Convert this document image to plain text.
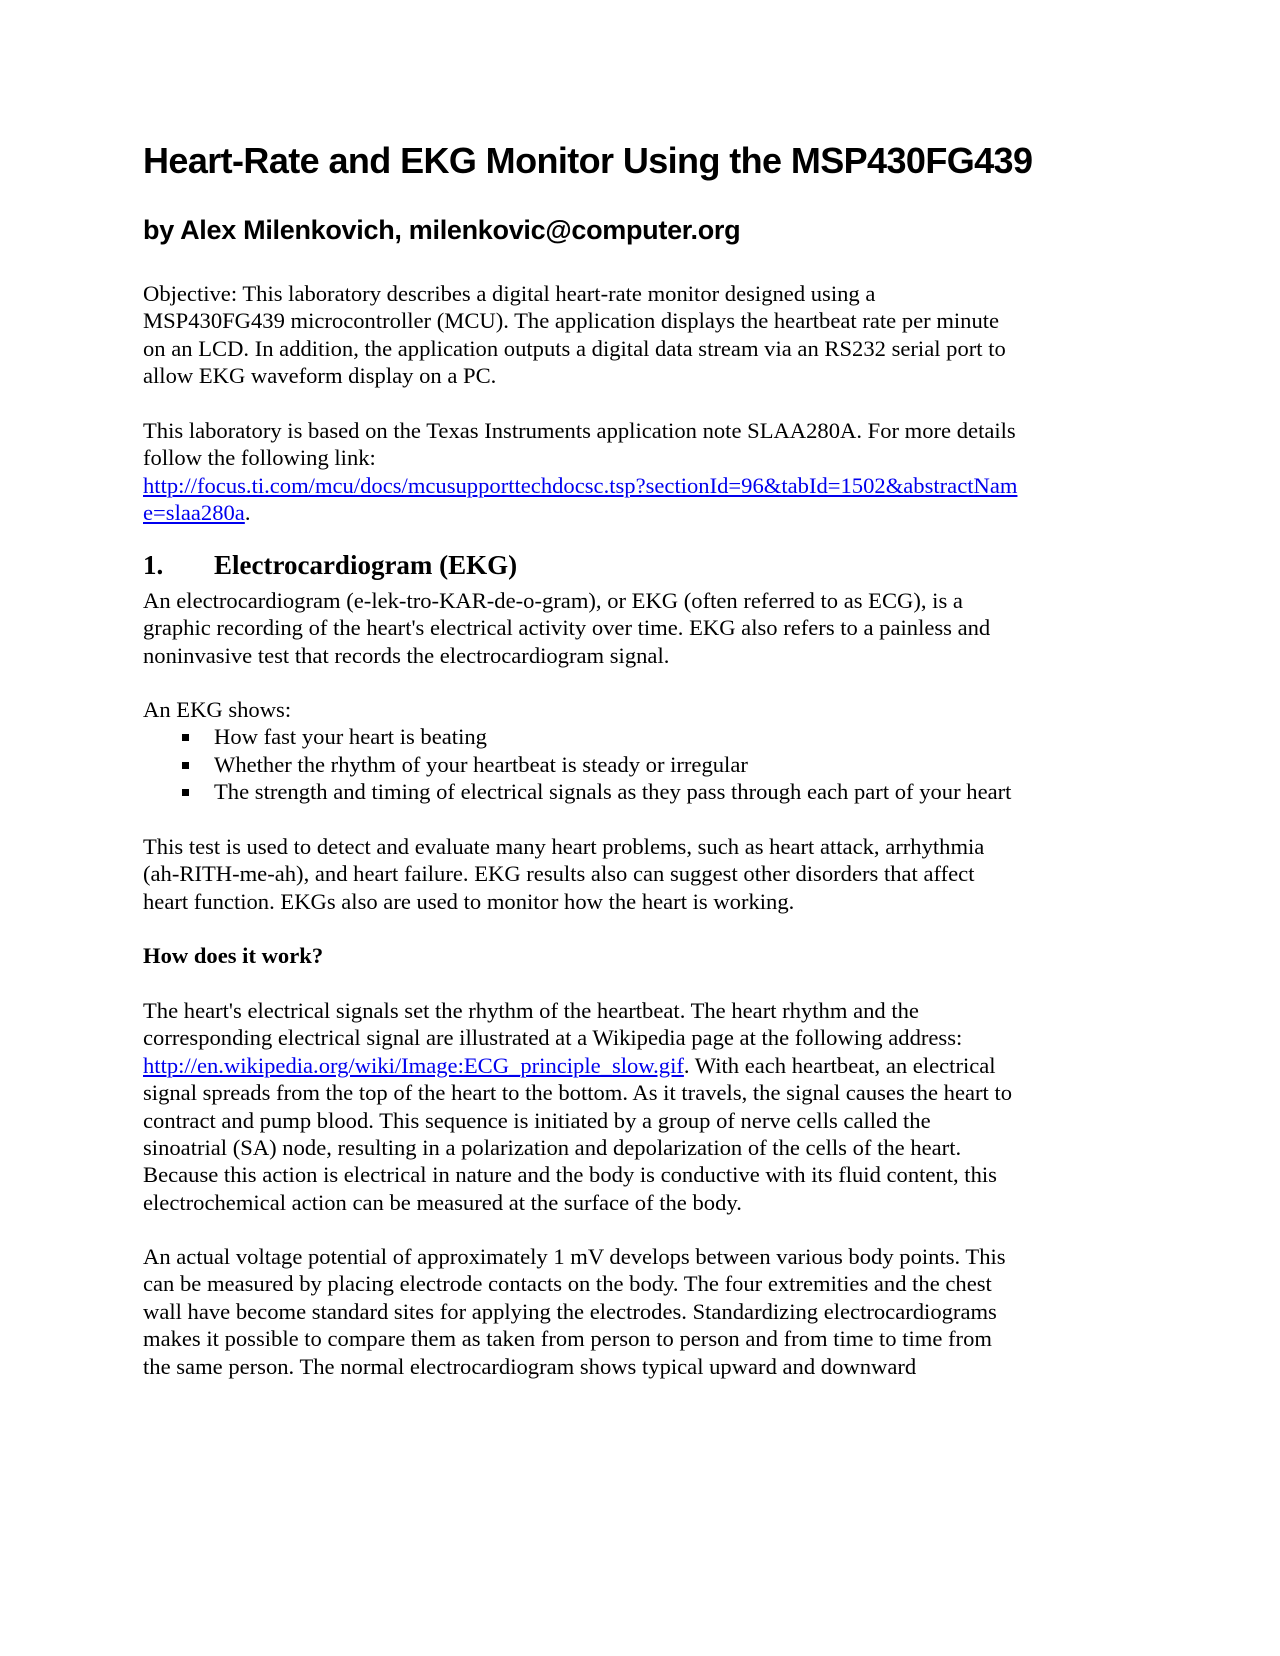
Heart-Rate and EKG Monitor Using the MSP430FG439
by Alex Milenkovich, milenkovic@computer.org
Objective: This laboratory describes a digital heart-rate monitor designed using a
MSP430FG439 microcontroller (MCU). The application displays the heartbeat rate per minute
on an LCD. In addition, the application outputs a digital data stream via an RS232 serial port to
allow EKG waveform display on a PC.
This laboratory is based on the Texas Instruments application note SLAA280A. For more details
follow the following link:
http://focus.ti.com/mcu/docs/mcusupporttechdocsc.tsp?sectionId=96&tabId=1502&abstractNam
e=slaa280a.
1. Electrocardiogram (EKG)
An electrocardiogram (e-lek-tro-KAR-de-o-gram), or EKG (often referred to as ECG), is a
graphic recording of the heart's electrical activity over time. EKG also refers to a painless and
noninvasive test that records the electrocardiogram signal.
An EKG shows:
How fast your heart is beating
Whether the rhythm of your heartbeat is steady or irregular
The strength and timing of electrical signals as they pass through each part of your heart
This test is used to detect and evaluate many heart problems, such as heart attack, arrhythmia
(ah-RITH-me-ah), and heart failure. EKG results also can suggest other disorders that affect
heart function. EKGs also are used to monitor how the heart is working.
How does it work?
The heart's electrical signals set the rhythm of the heartbeat. The heart rhythm and the
corresponding electrical signal are illustrated at a Wikipedia page at the following address:
http://en.wikipedia.org/wiki/Image:ECG_principle_slow.gif. With each heartbeat, an electrical
signal spreads from the top of the heart to the bottom. As it travels, the signal causes the heart to
contract and pump blood. This sequence is initiated by a group of nerve cells called the
sinoatrial (SA) node, resulting in a polarization and depolarization of the cells of the heart.
Because this action is electrical in nature and the body is conductive with its fluid content, this
electrochemical action can be measured at the surface of the body.
An actual voltage potential of approximately 1 mV develops between various body points. This
can be measured by placing electrode contacts on the body. The four extremities and the chest
wall have become standard sites for applying the electrodes. Standardizing electrocardiograms
makes it possible to compare them as taken from person to person and from time to time from
the same person. The normal electrocardiogram shows typical upward and downward
